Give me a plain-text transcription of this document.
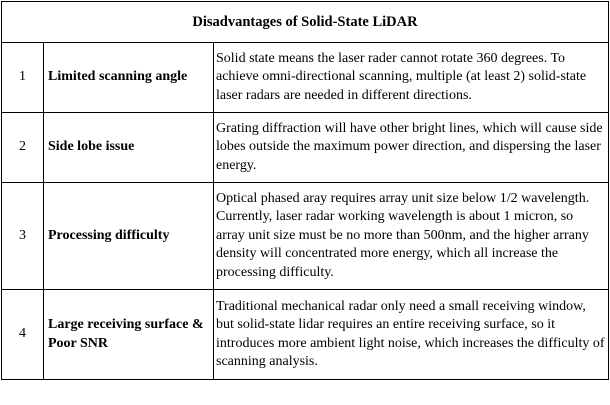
Disadvantages of Solid-State LiDAR		
1	Limited scanning angle	Solid state means the laser rader cannot rotate 360 degrees. To achieve omni-directional scanning, multiple (at least 2) solid-state laser radars are needed in different directions.
2	Side lobe issue	Grating diffraction will have other bright lines, which will cause side lobes outside the maximum power direction, and dispersing the laser energy.
3	Processing difficulty	Optical phased aray requires array unit size below 1/2 wavelength. Currently, laser radar working wavelength is about 1 micron, so array unit size must be no more than 500nm, and the higher arranу density will concentrated more energy, which all increase the processing difficulty.
4	Large receiving surface & Poor SNR	Traditional mechanical radar only need a small receiving window, but solid-state lidar requires an entire receiving surface, so it introduces more ambient light noise, which increases the difficulty of scanning analysis.
